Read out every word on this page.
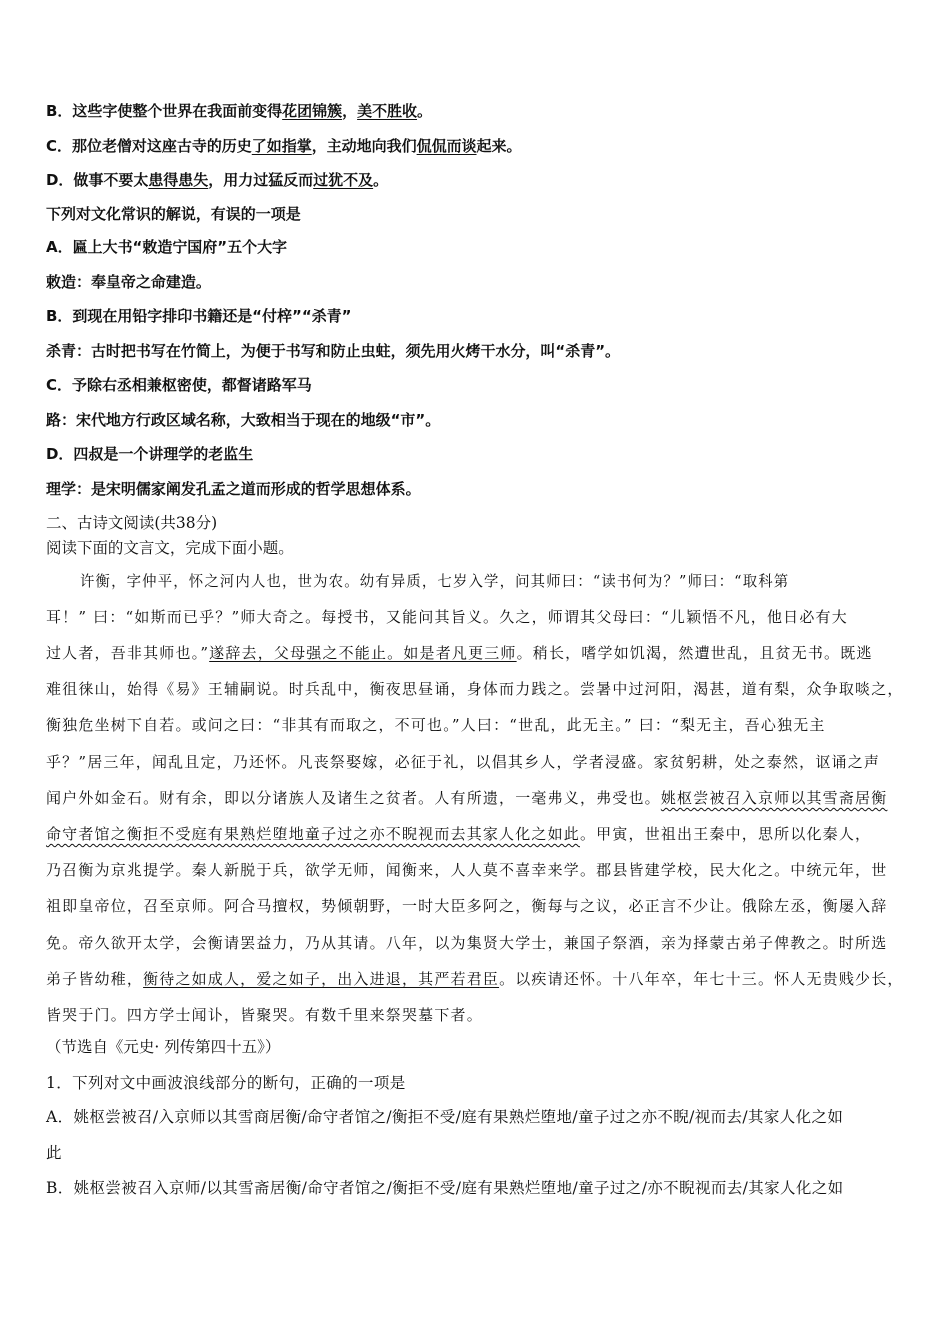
B．这些字使整个世界在我面前变得花团锦簇，美不胜收。
C．那位老僧对这座古寺的历史了如指掌，主动地向我们侃侃而谈起来。
D．做事不要太患得患失，用力过猛反而过犹不及。
下列对文化常识的解说，有误的一项是
A．匾上大书“敕造宁国府”五个大字
敕造：奉皇帝之命建造。
B．到现在用铅字排印书籍还是“付梓”“杀青”
杀青：古时把书写在竹简上，为便于书写和防止虫蛀，须先用火烤干水分，叫“杀青”。
C．予除右丞相兼枢密使，都督诸路军马
路：宋代地方行政区域名称，大致相当于现在的地级“市”。
D．四叔是一个讲理学的老监生
理学：是宋明儒家阐发孔孟之道而形成的哲学思想体系。
二、古诗文阅读(共38分)
阅读下面的文言文，完成下面小题。
许衡，字仲平，怀之河内人也，世为农。幼有异质，七岁入学，问其师曰：“读书何为？”师曰：“取科第
耳！” 曰：“如斯而已乎？”师大奇之。每授书，又能问其旨义。久之，师谓其父母曰：“儿颖悟不凡，他日必有大
过人者，吾非其师也。”遂辞去，父母强之不能止。如是者凡更三师。稍长，嗜学如饥渴，然遭世乱，且贫无书。既逃
难徂徕山，始得《易》王辅嗣说。时兵乱中，衡夜思昼诵，身体而力践之。尝暑中过河阳，渴甚，道有梨，众争取啖之，
衡独危坐树下自若。或问之曰：“非其有而取之，不可也。”人曰：“世乱，此无主。” 曰：“梨无主，吾心独无主
乎？”居三年，闻乱且定，乃还怀。凡丧祭娶嫁，必征于礼，以倡其乡人，学者浸盛。家贫躬耕，处之泰然，讴诵之声
闻户外如金石。财有余，即以分诸族人及诸生之贫者。人有所遗，一毫弗义，弗受也。姚枢尝被召入京师以其雪斋居衡
命守者馆之衡拒不受庭有果熟烂堕地童子过之亦不睨视而去其家人化之如此。甲寅，世祖出王秦中，思所以化秦人，
乃召衡为京兆提学。秦人新脱于兵，欲学无师，闻衡来，人人莫不喜幸来学。郡县皆建学校，民大化之。中统元年，世
祖即皇帝位，召至京师。阿合马擅权，势倾朝野，一时大臣多阿之，衡每与之议，必正言不少让。俄除左丞，衡屡入辞
免。帝久欲开太学，会衡请罢益力，乃从其请。八年，以为集贤大学士，兼国子祭酒，亲为择蒙古弟子俾教之。时所选
弟子皆幼稚，衡待之如成人，爱之如子，出入进退，其严若君臣。以疾请还怀。十八年卒，年七十三。怀人无贵贱少长，
皆哭于门。四方学士闻讣，皆聚哭。有数千里来祭哭墓下者。
（节选自《元史· 列传第四十五》）
1．下列对文中画波浪线部分的断句，正确的一项是
A．姚枢尝被召/入京师以其雪商居衡/命守者馆之/衡拒不受/庭有果熟烂堕地/童子过之亦不睨/视而去/其家人化之如
此
B．姚枢尝被召入京师/以其雪斋居衡/命守者馆之/衡拒不受/庭有果熟烂堕地/童子过之/亦不睨视而去/其家人化之如
